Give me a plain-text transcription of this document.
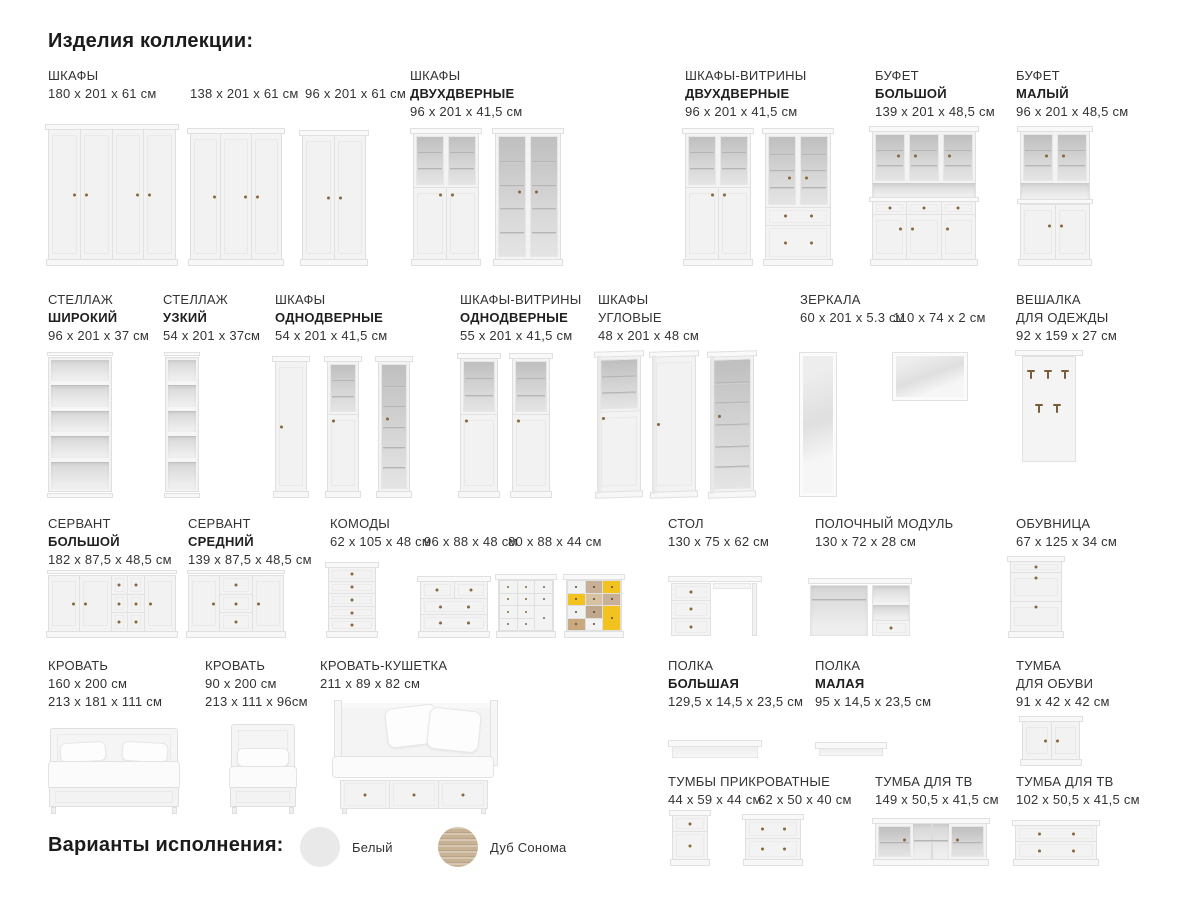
Изделия коллекции:
ШКАФЫ
180 x 201 x 61 см	138 x 201 x 61 см 96 x 201 x 61 см
ШКАФЫ
ДВУХДВЕРНЫЕ
96 x 201 x 41,5 см
ШКАФЫ-ВИТРИНЫ
ДВУХДВЕРНЫЕ
96 x 201 x 41,5 см
БУФЕТ
БОЛЬШОЙ
139 x 201 x 48,5 см
БУФЕТ
МАЛЫЙ
96 x 201 x 48,5 см
СТЕЛЛАЖ
ШИРОКИЙ
96 x 201 x 37 см
СТЕЛЛАЖ
УЗКИЙ
54 x 201 x 37см
ШКАФЫ
ОДНОДВЕРНЫЕ
54 x 201 x 41,5 см
ШКАФЫ-ВИТРИНЫ
ОДНОДВЕРНЫЕ
55 x 201 x 41,5 см
ШКАФЫ
УГЛОВЫЕ
48 x 201 x 48 см
ЗЕРКАЛА
60 x 201 x 5.3 см
110 x 74 x 2 см
ВЕШАЛКА
ДЛЯ ОДЕЖДЫ
92 x 159 x 27 см
СЕРВАНТ
БОЛЬШОЙ
182 x 87,5 x 48,5 см
СЕРВАНТ
СРЕДНИЙ
139 x 87,5 x 48,5 см
КОМОДЫ
62 x 105 x 48 см
96 x 88 x 48 см
80 x 88 x 44 см
СТОЛ
130 x 75 x 62 см
ПОЛОЧНЫЙ МОДУЛЬ
130 x 72 x 28 см
ОБУВНИЦА
67 x 125 x 34 см
КРОВАТЬ
160 x 200 см
213 x 181 x 111 см
КРОВАТЬ
90 x 200 см
213 x 111 x 96см
КРОВАТЬ-КУШЕТКА
211 x 89 x 82 см
ПОЛКА
БОЛЬШАЯ
129,5 x 14,5 x 23,5 см
ПОЛКА
МАЛАЯ
95 x 14,5 x 23,5 см
ТУМБА
ДЛЯ ОБУВИ
91 x 42 x 42 см
ТУМБЫ ПРИКРОВАТНЫЕ
44 x 59 x 44 см
62 x 50 x 40 см
ТУМБА ДЛЯ ТВ
149 x 50,5 x 41,5 см
ТУМБА ДЛЯ ТВ
102 x 50,5 x 41,5 см
Варианты исполнения:	Белый	Дуб Сонома
